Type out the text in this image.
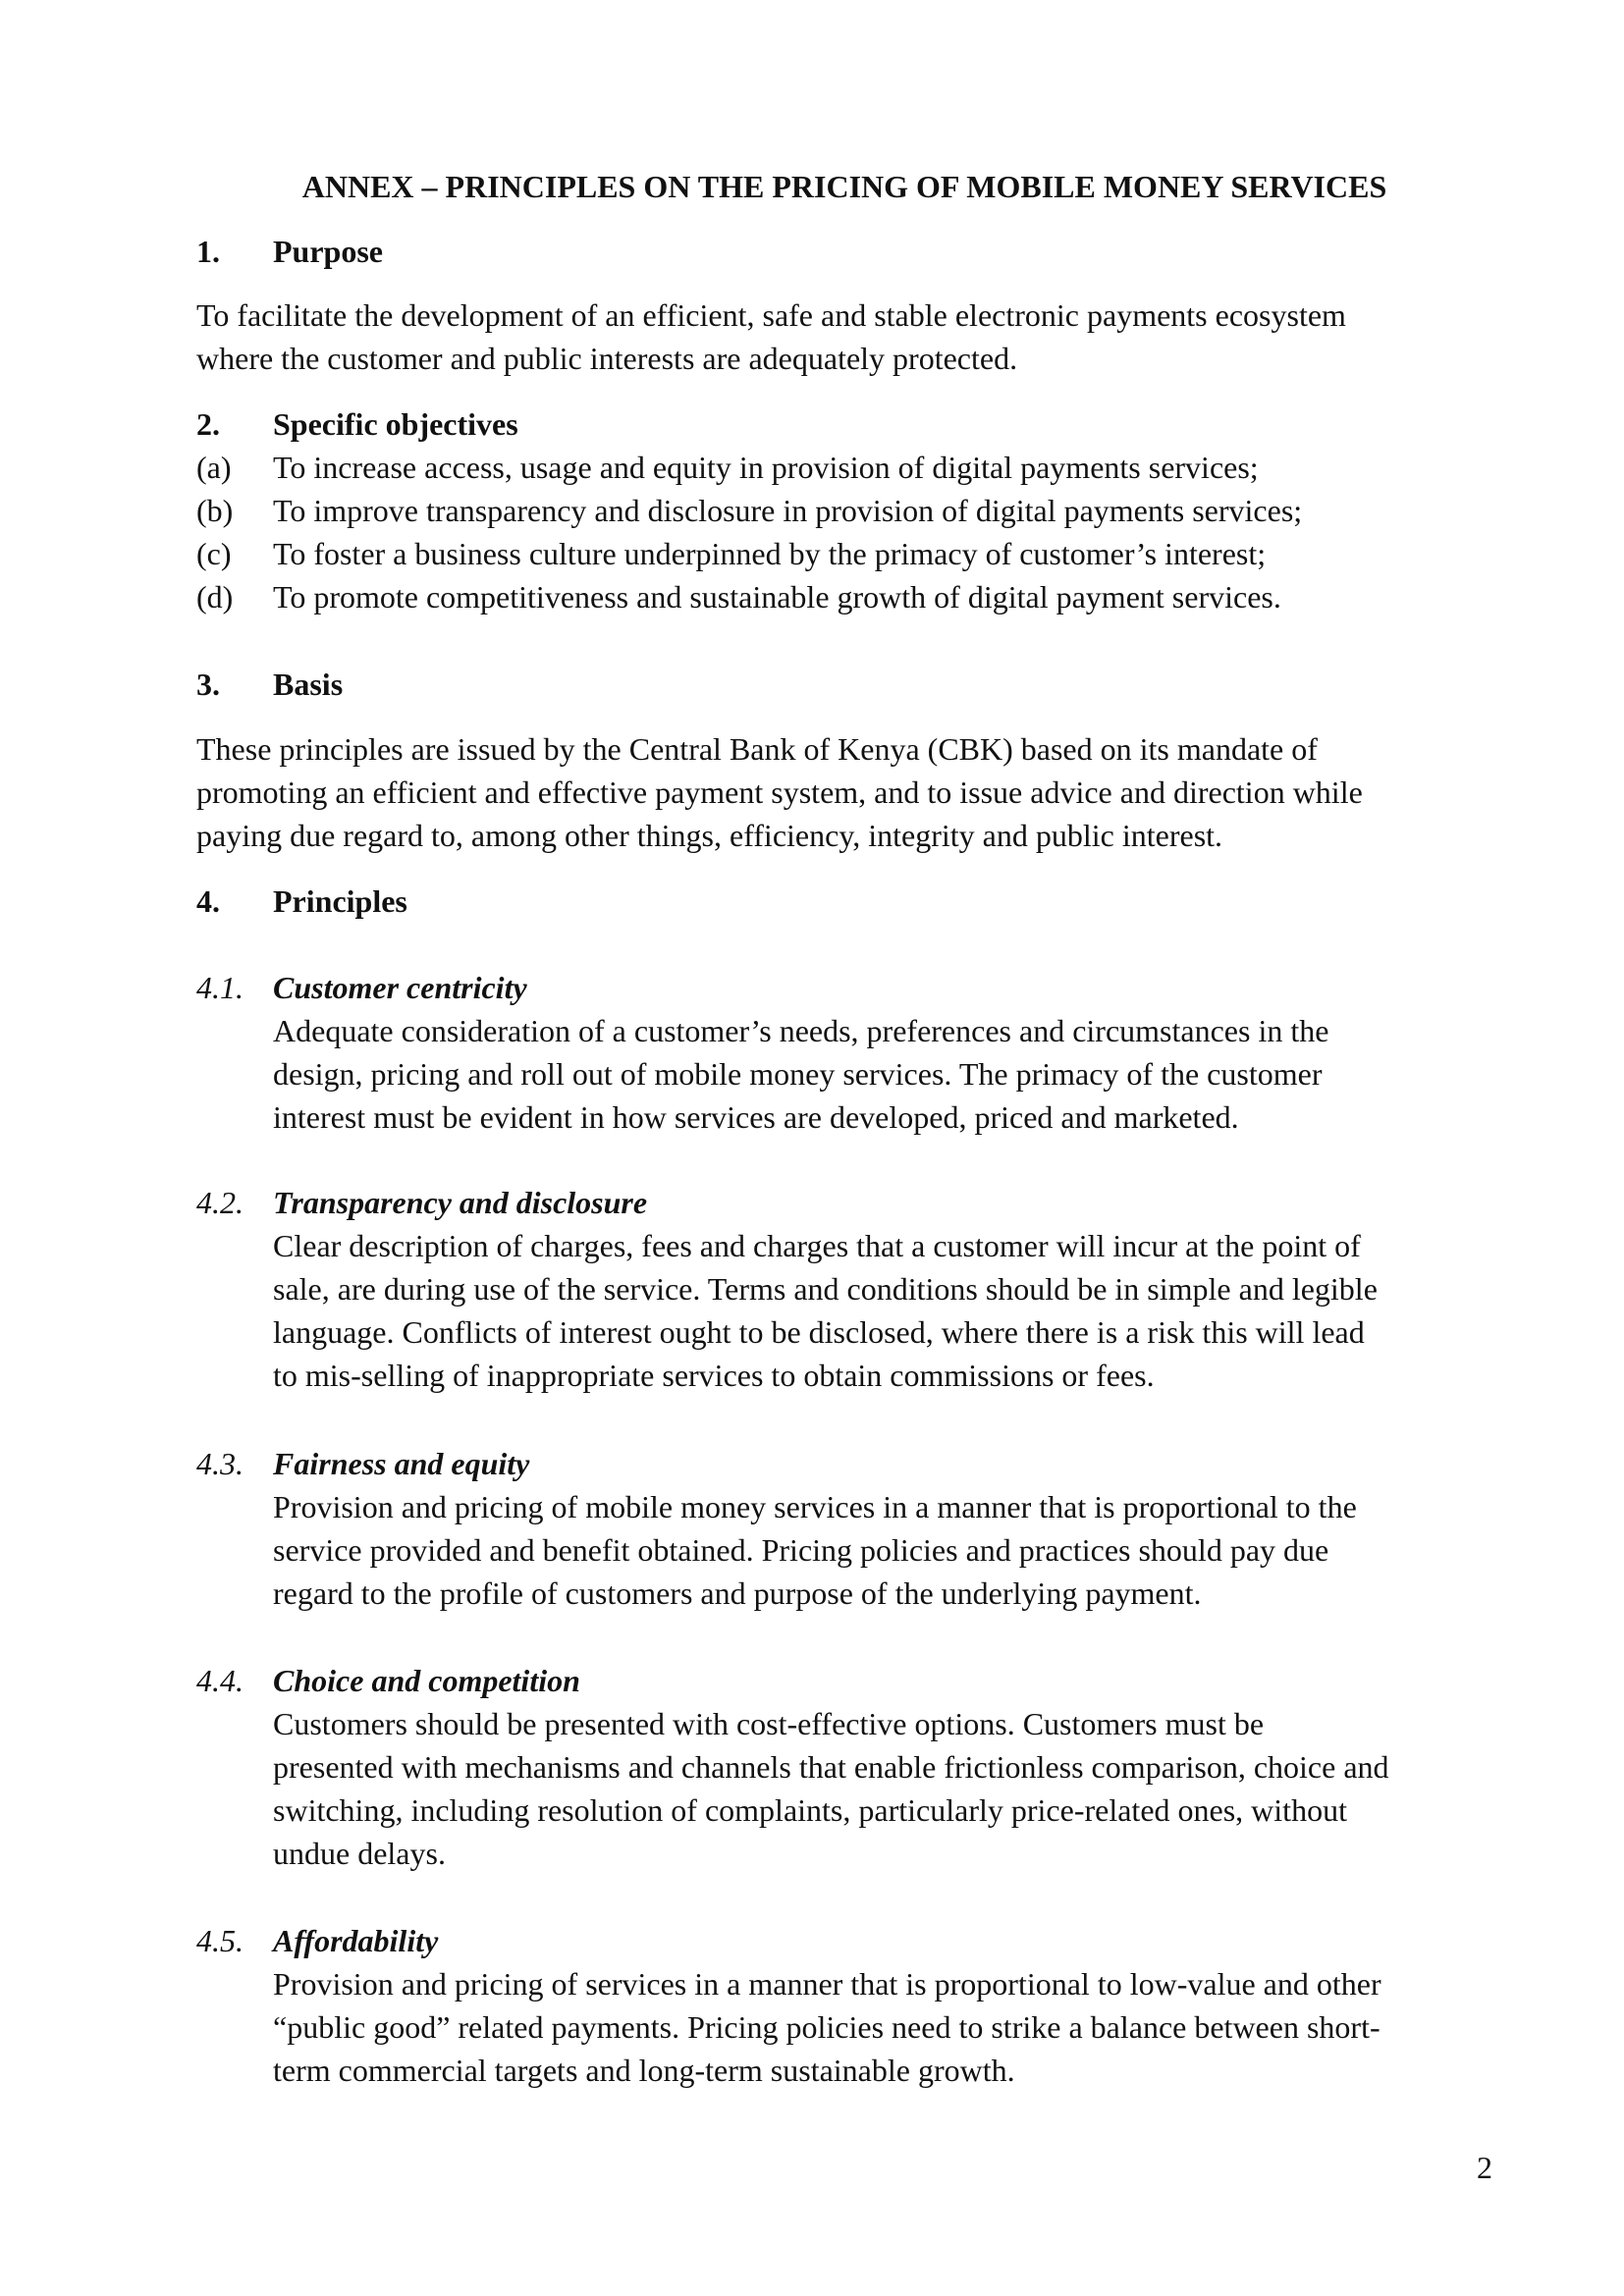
ANNEX – PRINCIPLES ON THE PRICING OF MOBILE MONEY SERVICES
1.	Purpose
To facilitate the development of an efficient, safe and stable electronic payments ecosystem
where the customer and public interests are adequately protected.
2.	Specific objectives
(a)	To increase access, usage and equity in provision of digital payments services;
(b)	To improve transparency and disclosure in provision of digital payments services;
(c)	To foster a business culture underpinned by the primacy of customer’s interest;
(d)	To promote competitiveness and sustainable growth of digital payment services.
3.	Basis
These principles are issued by the Central Bank of Kenya (CBK) based on its mandate of
promoting an efficient and effective payment system, and to issue advice and direction while
paying due regard to, among other things, efficiency, integrity and public interest.
4.	Principles
4.1. Customer centricity
Adequate consideration of a customer’s needs, preferences and circumstances in the
design, pricing and roll out of mobile money services. The primacy of the customer
interest must be evident in how services are developed, priced and marketed.
4.2. Transparency and disclosure
Clear description of charges, fees and charges that a customer will incur at the point of
sale, are during use of the service. Terms and conditions should be in simple and legible
language. Conflicts of interest ought to be disclosed, where there is a risk this will lead
to mis-selling of inappropriate services to obtain commissions or fees.
4.3. Fairness and equity
Provision and pricing of mobile money services in a manner that is proportional to the
service provided and benefit obtained. Pricing policies and practices should pay due
regard to the profile of customers and purpose of the underlying payment.
4.4. Choice and competition
Customers should be presented with cost-effective options. Customers must be
presented with mechanisms and channels that enable frictionless comparison, choice and
switching, including resolution of complaints, particularly price-related ones, without
undue delays.
4.5. Affordability
Provision and pricing of services in a manner that is proportional to low-value and other
“public good” related payments. Pricing policies need to strike a balance between short-
term commercial targets and long-term sustainable growth.
2
